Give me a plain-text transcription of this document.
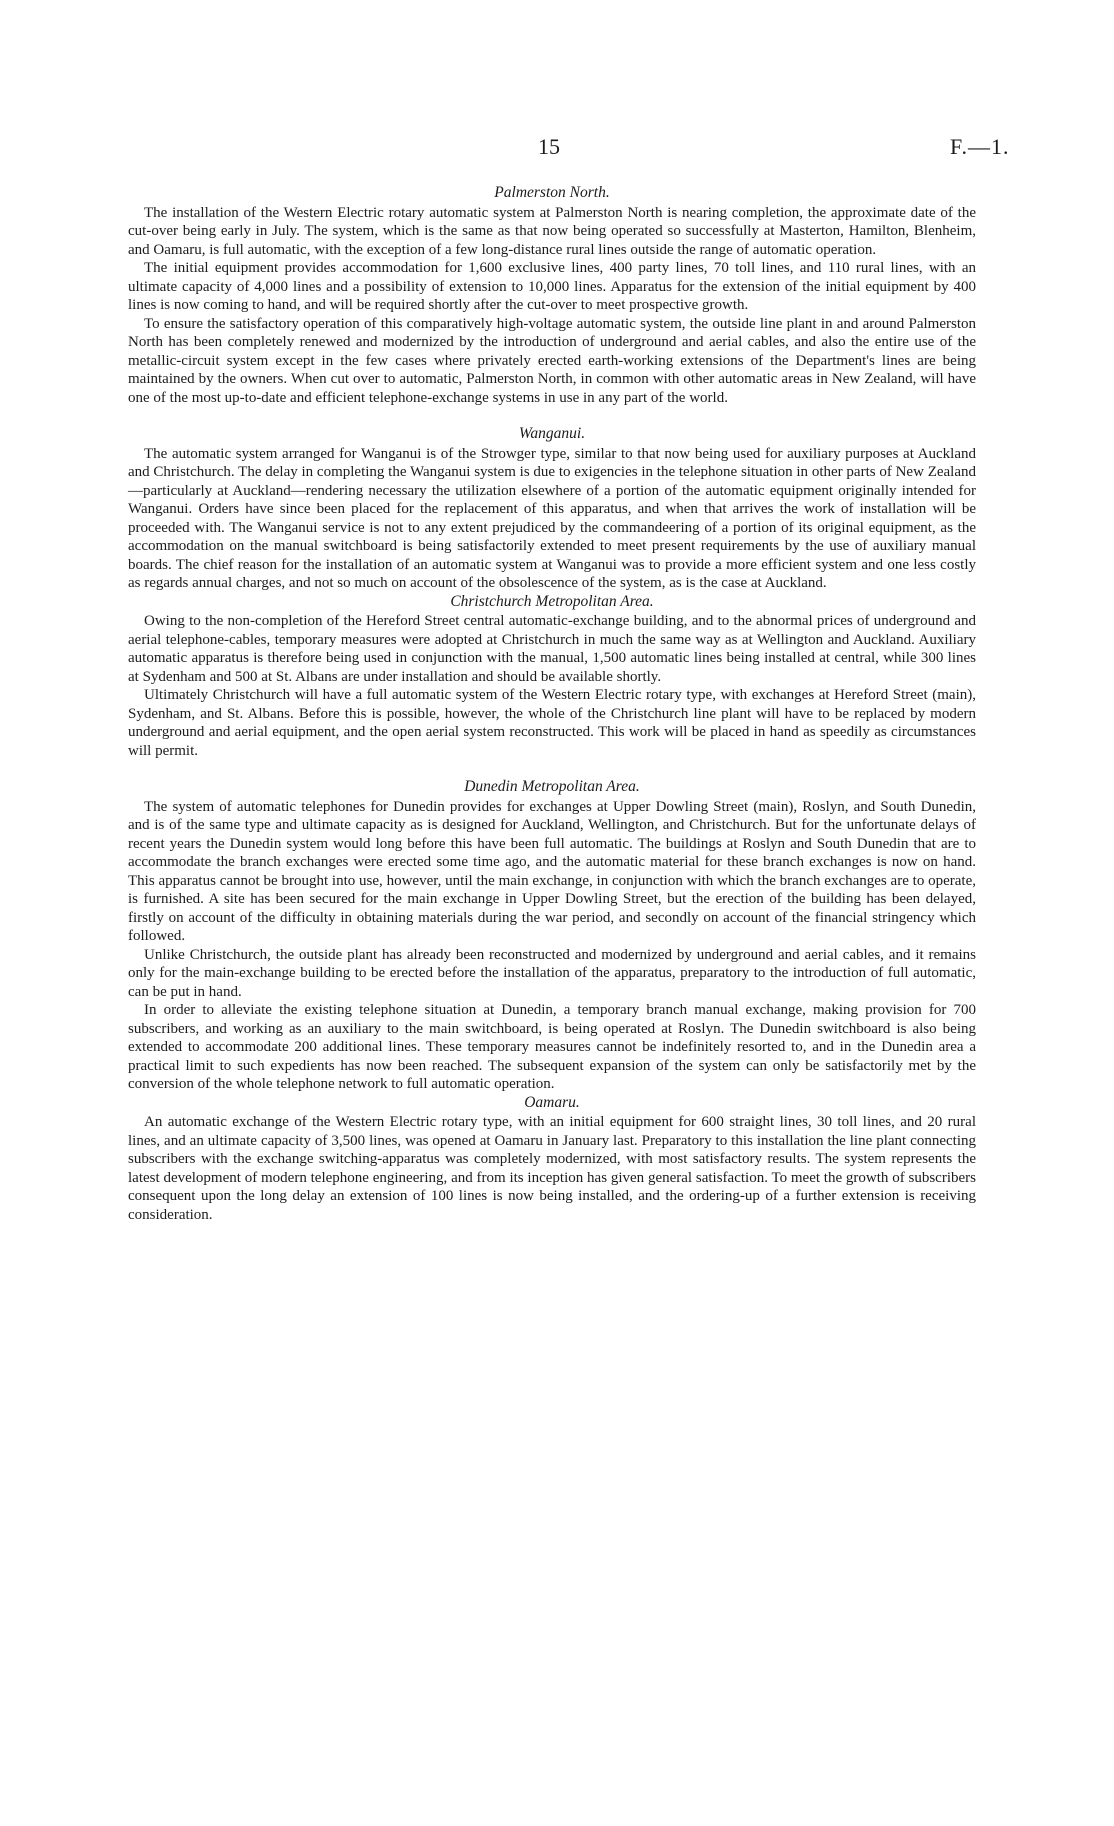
15	F.—1.

Palmerston North.

The installation of the Western Electric rotary automatic system at Palmerston North is nearing completion, the approximate date of the cut-over being early in July. The system, which is the same as that now being operated so successfully at Masterton, Hamilton, Blenheim, and Oamaru, is full automatic, with the exception of a few long-distance rural lines outside the range of automatic operation.

The initial equipment provides accommodation for 1,600 exclusive lines, 400 party lines, 70 toll lines, and 110 rural lines, with an ultimate capacity of 4,000 lines and a possibility of extension to 10,000 lines. Apparatus for the extension of the initial equipment by 400 lines is now coming to hand, and will be required shortly after the cut-over to meet prospective growth.

To ensure the satisfactory operation of this comparatively high-voltage automatic system, the outside line plant in and around Palmerston North has been completely renewed and modernized by the introduction of underground and aerial cables, and also the entire use of the metallic-circuit system except in the few cases where privately erected earth-working extensions of the Department's lines are being maintained by the owners. When cut over to automatic, Palmerston North, in common with other automatic areas in New Zealand, will have one of the most up-to-date and efficient telephone-exchange systems in use in any part of the world.

Wanganui.

The automatic system arranged for Wanganui is of the Strowger type, similar to that now being used for auxiliary purposes at Auckland and Christchurch. The delay in completing the Wanganui system is due to exigencies in the telephone situation in other parts of New Zealand—particularly at Auckland—rendering necessary the utilization elsewhere of a portion of the automatic equipment originally intended for Wanganui. Orders have since been placed for the replacement of this apparatus, and when that arrives the work of installation will be proceeded with. The Wanganui service is not to any extent prejudiced by the commandeering of a portion of its original equipment, as the accommodation on the manual switchboard is being satisfactorily extended to meet present requirements by the use of auxiliary manual boards. The chief reason for the installation of an automatic system at Wanganui was to provide a more efficient system and one less costly as regards annual charges, and not so much on account of the obsolescence of the system, as is the case at Auckland.

Christchurch Metropolitan Area.

Owing to the non-completion of the Hereford Street central automatic-exchange building, and to the abnormal prices of underground and aerial telephone-cables, temporary measures were adopted at Christchurch in much the same way as at Wellington and Auckland. Auxiliary automatic apparatus is therefore being used in conjunction with the manual, 1,500 automatic lines being installed at central, while 300 lines at Sydenham and 500 at St. Albans are under installation and should be available shortly.

Ultimately Christchurch will have a full automatic system of the Western Electric rotary type, with exchanges at Hereford Street (main), Sydenham, and St. Albans. Before this is possible, however, the whole of the Christchurch line plant will have to be replaced by modern underground and aerial equipment, and the open aerial system reconstructed. This work will be placed in hand as speedily as circumstances will permit.

Dunedin Metropolitan Area.

The system of automatic telephones for Dunedin provides for exchanges at Upper Dowling Street (main), Roslyn, and South Dunedin, and is of the same type and ultimate capacity as is designed for Auckland, Wellington, and Christchurch. But for the unfortunate delays of recent years the Dunedin system would long before this have been full automatic. The buildings at Roslyn and South Dunedin that are to accommodate the branch exchanges were erected some time ago, and the automatic material for these branch exchanges is now on hand. This apparatus cannot be brought into use, however, until the main exchange, in conjunction with which the branch exchanges are to operate, is furnished. A site has been secured for the main exchange in Upper Dowling Street, but the erection of the building has been delayed, firstly on account of the difficulty in obtaining materials during the war period, and secondly on account of the financial stringency which followed.

Unlike Christchurch, the outside plant has already been reconstructed and modernized by underground and aerial cables, and it remains only for the main-exchange building to be erected before the installation of the apparatus, preparatory to the introduction of full automatic, can be put in hand.

In order to alleviate the existing telephone situation at Dunedin, a temporary branch manual exchange, making provision for 700 subscribers, and working as an auxiliary to the main switchboard, is being operated at Roslyn. The Dunedin switchboard is also being extended to accommodate 200 additional lines. These temporary measures cannot be indefinitely resorted to, and in the Dunedin area a practical limit to such expedients has now been reached. The subsequent expansion of the system can only be satisfactorily met by the conversion of the whole telephone network to full automatic operation.

Oamaru.

An automatic exchange of the Western Electric rotary type, with an initial equipment for 600 straight lines, 30 toll lines, and 20 rural lines, and an ultimate capacity of 3,500 lines, was opened at Oamaru in January last. Preparatory to this installation the line plant connecting subscribers with the exchange switching-apparatus was completely modernized, with most satisfactory results. The system represents the latest development of modern telephone engineering, and from its inception has given general satisfaction. To meet the growth of subscribers consequent upon the long delay an extension of 100 lines is now being installed, and the ordering-up of a further extension is receiving consideration.
